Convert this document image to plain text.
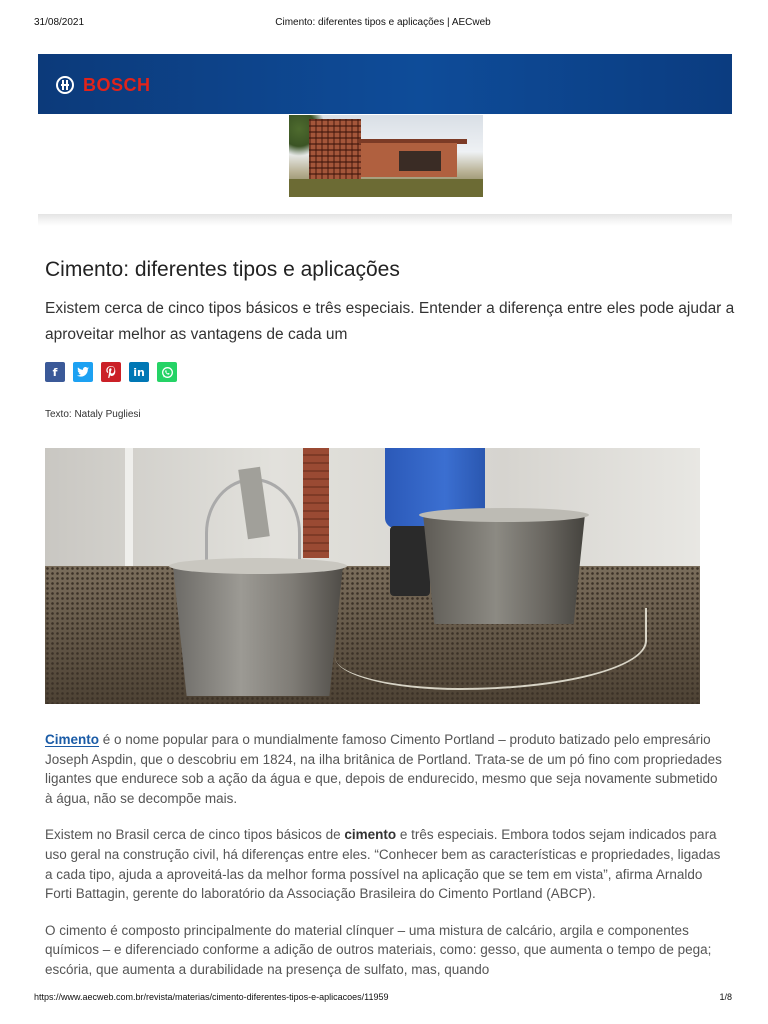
31/08/2021	Cimento: diferentes tipos e aplicações | AECweb
BOSCH
Cimento: diferentes tipos e aplicações

Existem cerca de cinco tipos básicos e três especiais. Entender a diferença entre eles pode ajudar a aproveitar melhor as vantagens de cada um

f	in
Texto: Nataly Pugliesi

Cimento é o nome popular para o mundialmente famoso Cimento Portland – produto batizado pelo empresário Joseph Aspdin, que o descobriu em 1824, na ilha britânica de Portland. Trata-se de um pó fino com propriedades ligantes que endurece sob a ação da água e que, depois de endurecido, mesmo que seja novamente submetido à água, não se decompõe mais.

Existem no Brasil cerca de cinco tipos básicos de cimento e três especiais. Embora todos sejam indicados para uso geral na construção civil, há diferenças entre eles. “Conhecer bem as características e propriedades, ligadas a cada tipo, ajuda a aproveitá-las da melhor forma possível na aplicação que se tem em vista”, afirma Arnaldo Forti Battagin, gerente do laboratório da Associação Brasileira do Cimento Portland (ABCP).

O cimento é composto principalmente do material clínquer – uma mistura de calcário, argila e componentes químicos – e diferenciado conforme a adição de outros materiais, como: gesso, que aumenta o tempo de pega; escória, que aumenta a durabilidade na presença de sulfato, mas, quando

https://www.aecweb.com.br/revista/materias/cimento-diferentes-tipos-e-aplicacoes/11959	1/8
